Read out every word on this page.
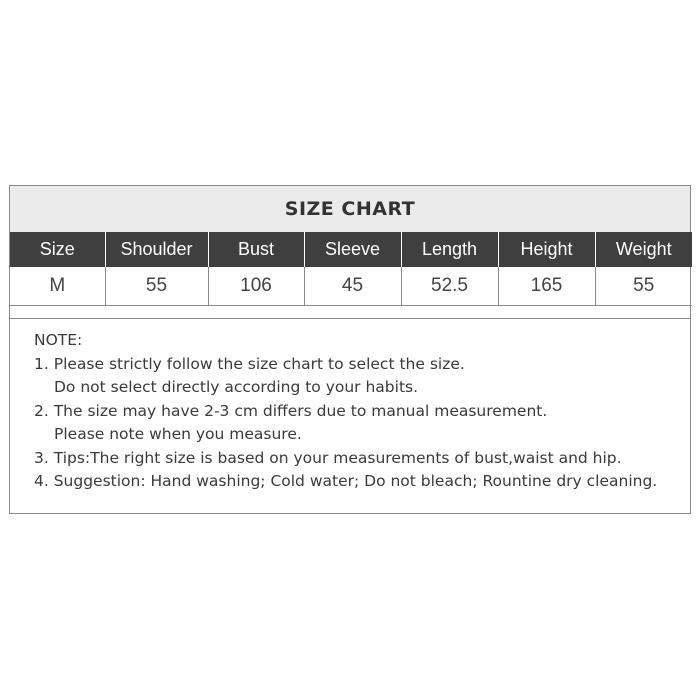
SIZE CHART
Size	Shoulder	Bust	Sleeve	Length	Height	Weight
M	55	106	45	52.5	165	55
NOTE:
1. Please strictly follow the size chart to select the size.
Do not select directly according to your habits.
2. The size may have 2-3 cm differs due to manual measurement.
Please note when you measure.
3. Tips:The right size is based on your measurements of bust,waist and hip.
4. Suggestion: Hand washing; Cold water; Do not bleach; Rountine dry cleaning.
